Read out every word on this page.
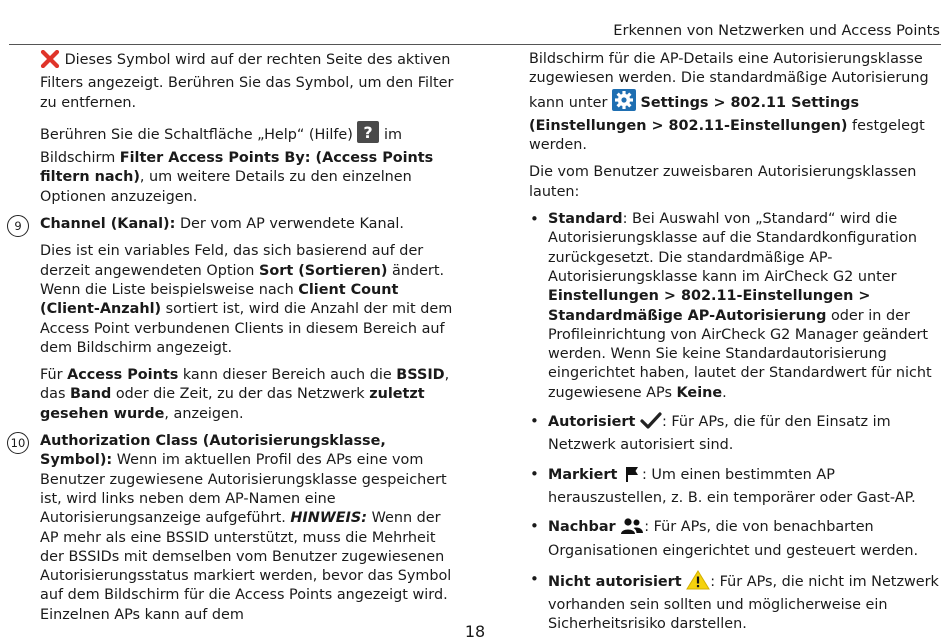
Erkennen von Netzwerken und Access Points

Dieses Symbol wird auf der rechten Seite des aktiven Filters angezeigt. Berühren Sie das Symbol, um den Filter zu entfernen.

Berühren Sie die Schaltfläche „Help“ (Hilfe) ? im Bildschirm Filter Access Points By: (Access Points filtern nach), um weitere Details zu den einzelnen Optionen anzuzeigen.

9	Channel (Kanal): Der vom AP verwendete Kanal.

Dies ist ein variables Feld, das sich basierend auf der derzeit angewendeten Option Sort (Sortieren) ändert. Wenn die Liste beispielsweise nach Client Count (Client-Anzahl) sortiert ist, wird die Anzahl der mit dem Access Point verbundenen Clients in diesem Bereich auf dem Bildschirm angezeigt.

Für Access Points kann dieser Bereich auch die BSSID, das Band oder die Zeit, zu der das Netzwerk zuletzt gesehen wurde, anzeigen.

10 Authorization Class (Autorisierungsklasse, Symbol): Wenn im aktuellen Profil des APs eine vom Benutzer zugewiesene Autorisierungsklasse gespeichert ist, wird links neben dem AP-Namen eine Autorisierungsanzeige aufgeführt. HINWEIS: Wenn der AP mehr als eine BSSID unterstützt, muss die Mehrheit der BSSIDs mit demselben vom Benutzer zugewiesenen Autorisierungsstatus markiert werden, bevor das Symbol auf dem Bildschirm für die Access Points angezeigt wird. Einzelnen APs kann auf dem

Bildschirm für die AP-Details eine Autorisierungsklasse zugewiesen werden. Die standardmäßige Autorisierung kann unter  Settings > 802.11 Settings (Einstellungen > 802.11-Einstellungen) festgelegt werden.

Die vom Benutzer zuweisbaren Autorisierungsklassen lauten:

• Standard: Bei Auswahl von „Standard“ wird die Autorisierungsklasse auf die Standardkonfiguration zurückgesetzt. Die standardmäßige AP-Autorisierungsklasse kann im AirCheck G2 unter Einstellungen > 802.11-Einstellungen > Standardmäßige AP-Autorisierung oder in der Profileinrichtung von AirCheck G2 Manager geändert werden. Wenn Sie keine Standardautorisierung eingerichtet haben, lautet der Standardwert für nicht zugewiesene APs Keine.
• Autorisiert : Für APs, die für den Einsatz im Netzwerk autorisiert sind.
• Markiert : Um einen bestimmten AP herauszustellen, z. B. ein temporärer oder Gast-AP.
• Nachbar : Für APs, die von benachbarten Organisationen eingerichtet und gesteuert werden.
• Nicht autorisiert : Für APs, die nicht im Netzwerk vorhanden sein sollten und möglicherweise ein Sicherheitsrisiko darstellen.
18
